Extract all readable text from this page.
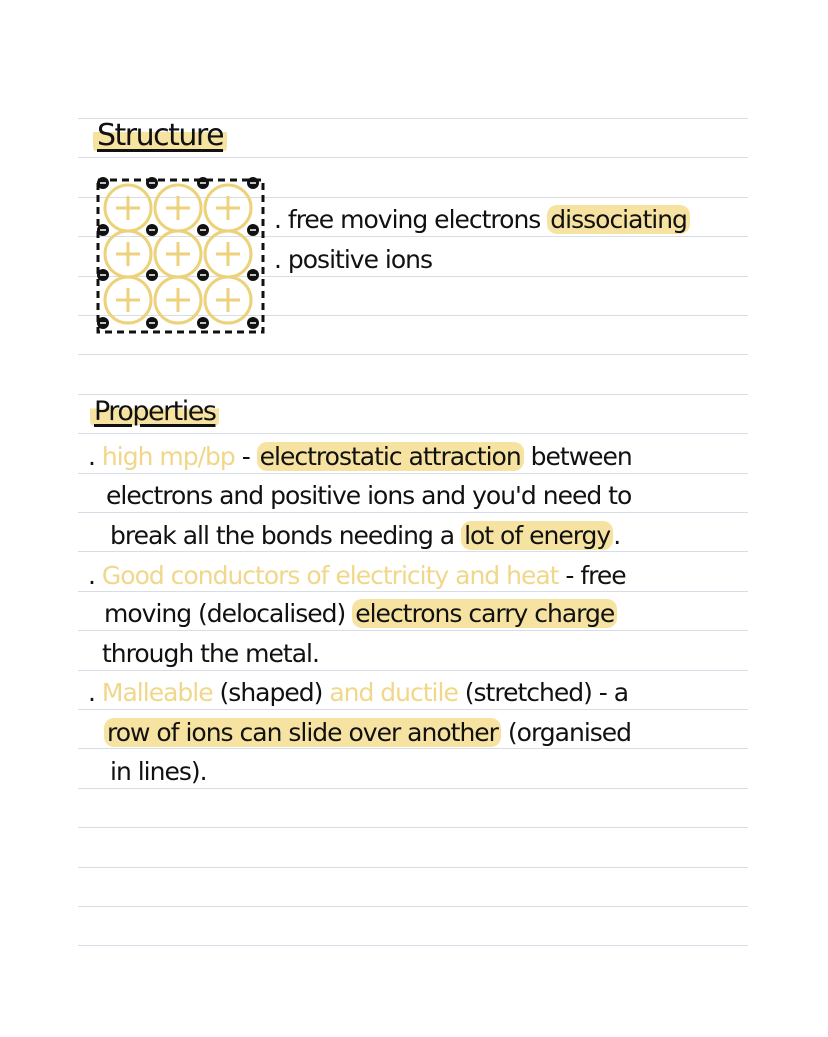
Structure
. free moving electrons dissociating
. positive ions
Properties
. high mp/bp - electrostatic attraction between
electrons and positive ions and you'd need to
break all the bonds needing a lot of energy .
. Good conductors of electricity and heat - free
moving (delocalised) electrons carry charge
through the metal.
. Malleable (shaped) and ductile (stretched) - a
row of ions can slide over another (organised
in lines).
